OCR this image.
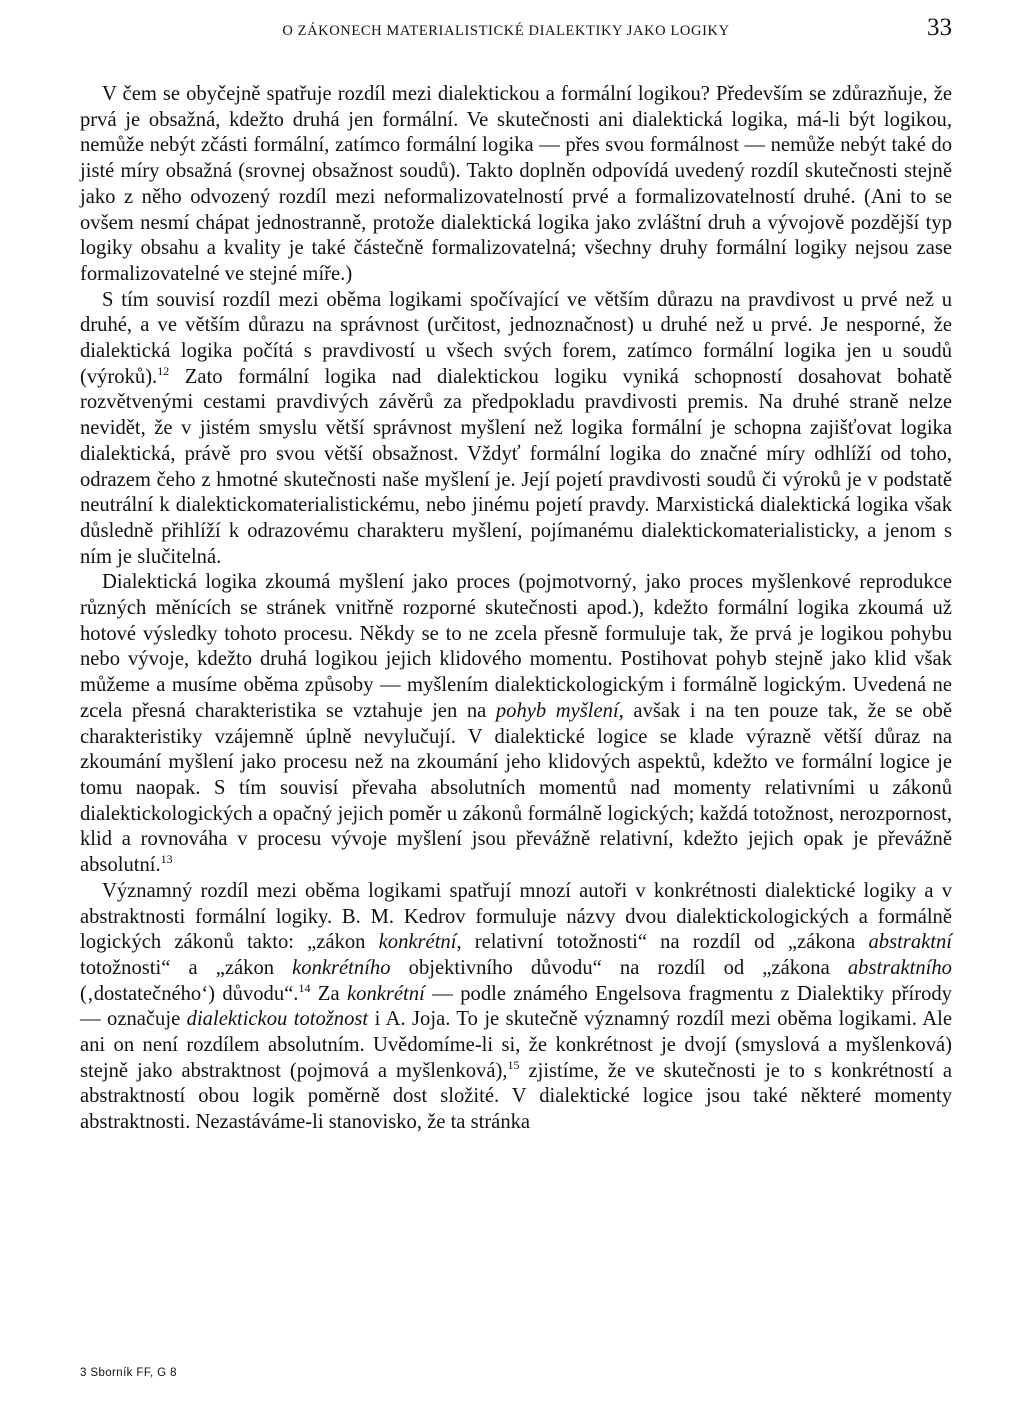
O ZÁKONECH MATERIALISTICKÉ DIALEKTIKY JAKO LOGIKY	33

V čem se obyčejně spatřuje rozdíl mezi dialektickou a formální logikou? Především se zdůrazňuje, že prvá je obsažná, kdežto druhá jen formální. Ve skutečnosti ani dialektická logika, má-li být logikou, nemůže nebýt zčásti formální, zatímco formální logika — přes svou formálnost — nemůže nebýt také do jisté míry obsažná (srovnej obsažnost soudů). Takto doplněn odpovídá uvedený rozdíl skutečnosti stejně jako z něho odvozený rozdíl mezi neformalizovatelností prvé a formalizovatelností druhé. (Ani to se ovšem nesmí chápat jednostranně, protože dialektická logika jako zvláštní druh a vývojově pozdější typ logiky obsahu a kvality je také částečně formalizovatelná; všechny druhy formální logiky nejsou zase formalizovatelné ve stejné míře.)

S tím souvisí rozdíl mezi oběma logikami spočívající ve větším důrazu na pravdivost u prvé než u druhé, a ve větším důrazu na správnost (určitost, jednoznačnost) u druhé než u prvé. Je nesporné, že dialektická logika počítá s pravdivostí u všech svých forem, zatímco formální logika jen u soudů (výroků).$^{12}$ Zato formální logika nad dialektickou logiku vyniká schopností dosahovat bohatě rozvětvenými cestami pravdivých závěrů za předpokladu pravdivosti premis. Na druhé straně nelze nevidět, že v jistém smyslu větší správnost myšlení než logika formální je schopna zajišťovat logika dialektická, právě pro svou větší obsažnost. Vždyť formální logika do značné míry odhlíží od toho, odrazem čeho z hmotné skutečnosti naše myšlení je. Její pojetí pravdivosti soudů či výroků je v podstatě neutrální k dialektickomaterialistickému, nebo jinému pojetí pravdy. Marxistická dialektická logika však důsledně přihlíží k odrazovému charakteru myšlení, pojímanému dialektickomaterialisticky, a jenom s ním je slučitelná.

Dialektická logika zkoumá myšlení jako proces (pojmotvorný, jako proces myšlenkové reprodukce různých měnících se stránek vnitřně rozporné skutečnosti apod.), kdežto formální logika zkoumá už hotové výsledky tohoto procesu. Někdy se to ne zcela přesně formuluje tak, že prvá je logikou pohybu nebo vývoje, kdežto druhá logikou jejich klidového momentu. Postihovat pohyb stejně jako klid však můžeme a musíme oběma způsoby — myšlením dialektickologickým i formálně logickým. Uvedená ne zcela přesná charakteristika se vztahuje jen na pohyb myšlení, avšak i na ten pouze tak, že se obě charakteristiky vzájemně úplně nevylučují. V dialektické logice se klade výrazně větší důraz na zkoumání myšlení jako procesu než na zkoumání jeho klidových aspektů, kdežto ve formální logice je tomu naopak. S tím souvisí převaha absolutních momentů nad momenty relativními u zákonů dialektickologických a opačný jejich poměr u zákonů formálně logických; každá totožnost, nerozpornost, klid a rovnováha v procesu vývoje myšlení jsou převážně relativní, kdežto jejich opak je převážně absolutní.$^{13}$

Významný rozdíl mezi oběma logikami spatřují mnozí autoři v konkrétnosti dialektické logiky a v abstraktnosti formální logiky. B. M. Kedrov formuluje názvy dvou dialektickologických a formálně logických zákonů takto: „zákon konkrétní, relativní totožnosti“ na rozdíl od „zákona abstraktní totožnosti“ a „zákon konkrétního objektivního důvodu“ na rozdíl od „zákona abstraktního (‚dostatečného‘) důvodu“.$^{14}$ Za konkrétní — podle známého Engelsova fragmentu z Dialektiky přírody — označuje dialektickou totožnost i A. Joja. To je skutečně významný rozdíl mezi oběma logikami. Ale ani on není rozdílem absolutním. Uvědomíme-li si, že konkrétnost je dvojí (smyslová a myšlenková) stejně jako abstraktnost (pojmová a myšlenková),$^{15}$ zjistíme, že ve skutečnosti je to s konkrétností a abstraktností obou logik poměrně dost složité. V dialektické logice jsou také některé momenty abstraktnosti. Nezastáváme-li stanovisko, že ta stránka

3 Sborník FF, G 8
